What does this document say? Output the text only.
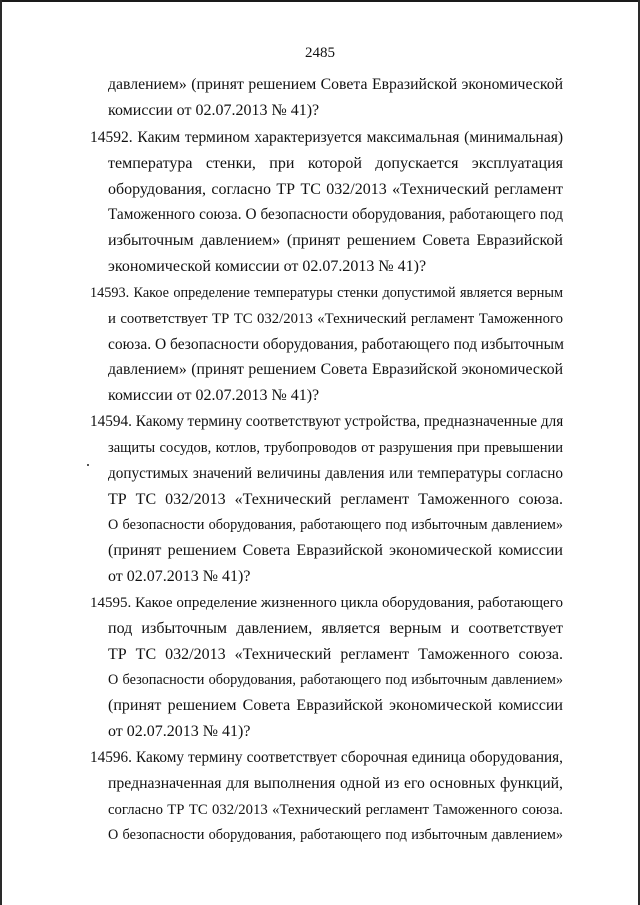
2485
давлением» (принят решением Совета Евразийской экономической
комиссии от 02.07.2013 № 41)?
14592. Каким термином характеризуется максимальная (минимальная)
температура стенки, при которой допускается эксплуатация
оборудования, согласно ТР ТС 032/2013 «Технический регламент
Таможенного союза. О безопасности оборудования, работающего под
избыточным давлением» (принят решением Совета Евразийской
экономической комиссии от 02.07.2013 № 41)?
14593. Какое определение температуры стенки допустимой является верным
и соответствует ТР ТС 032/2013 «Технический регламент Таможенного
союза. О безопасности оборудования, работающего под избыточным
давлением» (принят решением Совета Евразийской экономической
комиссии от 02.07.2013 № 41)?
14594. Какому термину соответствуют устройства, предназначенные для
защиты сосудов, котлов, трубопроводов от разрушения при превышении
допустимых значений величины давления или температуры согласно
ТР ТС 032/2013 «Технический регламент Таможенного союза.
О безопасности оборудования, работающего под избыточным давлением»
(принят решением Совета Евразийской экономической комиссии
от 02.07.2013 № 41)?
14595. Какое определение жизненного цикла оборудования, работающего
под избыточным давлением, является верным и соответствует
ТР ТС 032/2013 «Технический регламент Таможенного союза.
О безопасности оборудования, работающего под избыточным давлением»
(принят решением Совета Евразийской экономической комиссии
от 02.07.2013 № 41)?
14596. Какому термину соответствует сборочная единица оборудования,
предназначенная для выполнения одной из его основных функций,
согласно ТР ТС 032/2013 «Технический регламент Таможенного союза.
О безопасности оборудования, работающего под избыточным давлением»
